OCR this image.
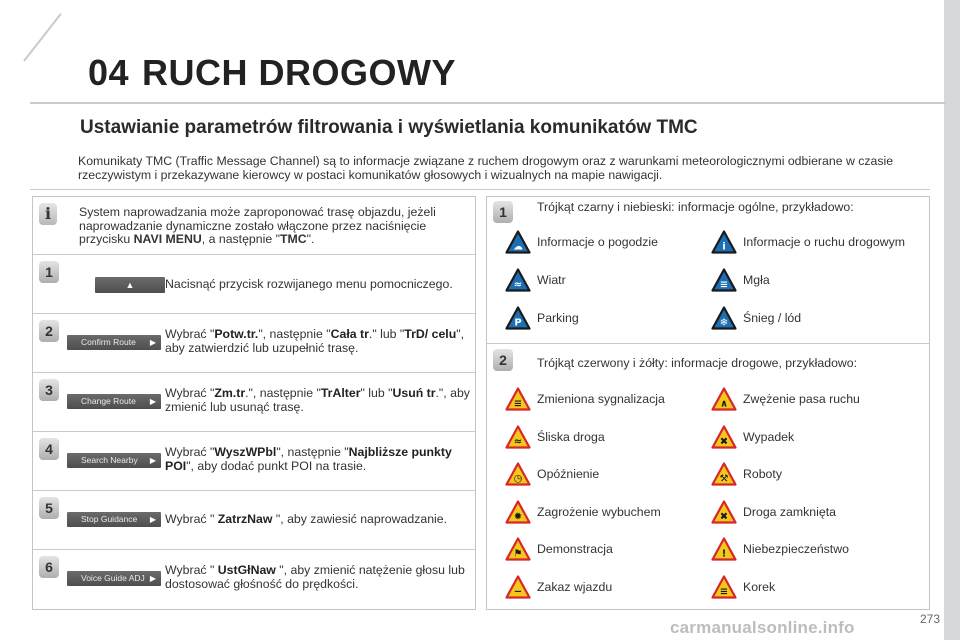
04 RUCH DROGOWY
Ustawianie parametrów filtrowania i wyświetlania komunikatów TMC
Komunikaty TMC (Traffic Message Channel) są to informacje związane z ruchem drogowym oraz z warunkami meteorologicznymi odbierane w czasie rzeczywistym i przekazywane kierowcy w postaci komunikatów głosowych i wizualnych na mapie nawigacji.
i	System naprowadzania może zaproponować trasę objazdu, jeżeli naprowadzanie dynamiczne zostało włączone przez naciśnięcie przycisku NAVI MENU, a następnie "TMC".
1
▲	Nacisnąć przycisk rozwijanego menu pomocniczego.
2
Confirm Route ▶
Wybrać "Potw.tr.", następnie "Cała tr." lub "TrD/ celu", aby zatwierdzić lub uzupełnić trasę.
3
Change Route ▶
Wybrać "Zm.tr.", następnie "TrAlter" lub "Usuń tr.", aby zmienić lub usunąć trasę.
4
Search Nearby ▶
Wybrać "WyszWPbl", następnie "Najbliższe punkty POI", aby dodać punkt POI na trasie.
5
Stop Guidance ▶ Wybrać " ZatrzNaw ", aby zawiesić naprowadzanie.
6
Voice Guide ADJ ▶
Wybrać " UstGłNaw ", aby zmienić natężenie głosu lub dostosować głośność do prędkości.
1	Trójkąt czarny i niebieski: informacje ogólne, przykładowo:
☁ Informacje o pogodzie	i Informacje o ruchu drogowym
≈ Wiatr	≡ Mgła
P Parking	❄ Śnieg / lód
2	Trójkąt czerwony i żółty: informacje drogowe, przykładowo:
≡ Zmieniona sygnalizacja	∧ Zwężenie pasa ruchu
≈ Śliska droga	✖ Wypadek
◷ Opóźnienie	⚒ Roboty
✹ Zagrożenie wybuchem	✖ Droga zamknięta
⚑ Demonstracja	! Niebezpieczeństwo
− Zakaz wjazdu	≡ Korek
carmanualsonline.info	273
